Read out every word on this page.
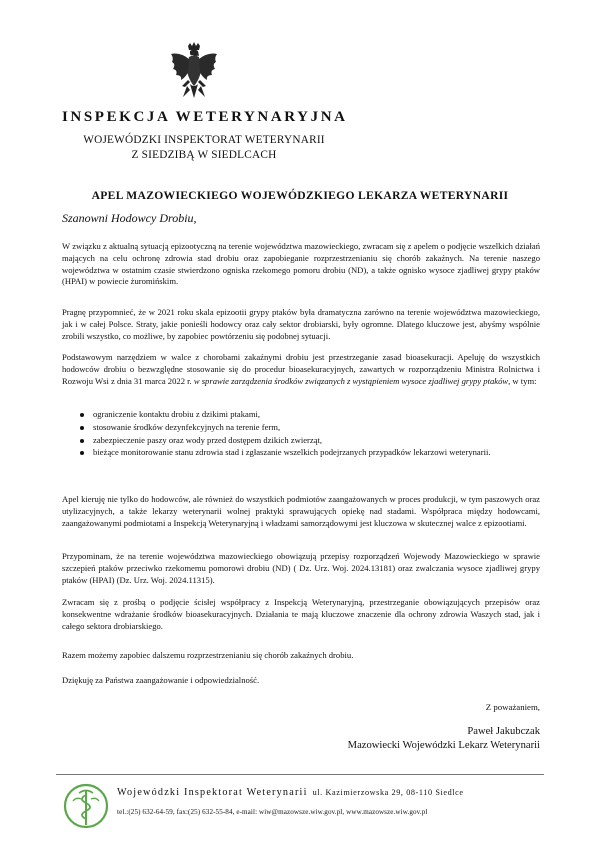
INSPEKCJA WETERYNARYJNA
WOJEWÓDZKI INSPEKTORAT WETERYNARII
Z SIEDZIBĄ W SIEDLCACH
APEL MAZOWIECKIEGO WOJEWÓDZKIEGO LEKARZA WETERYNARII
Szanowni Hodowcy Drobiu,

W związku z aktualną sytuacją epizootyczną na terenie województwa mazowieckiego, zwracam się z apelem o podjęcie wszelkich działań mających na celu ochronę zdrowia stad drobiu oraz zapobieganie rozprzestrzenianiu się chorób zakaźnych. Na terenie naszego województwa w ostatnim czasie stwierdzono ogniska rzekomego pomoru drobiu (ND), a także ognisko wysoce zjadliwej grypy ptaków (HPAI) w powiecie żuromińskim.

Pragnę przypomnieć, że w 2021 roku skala epizootii grypy ptaków była dramatyczna zarówno na terenie województwa mazowieckiego, jak i w całej Polsce. Straty, jakie ponieśli hodowcy oraz cały sektor drobiarski, były ogromne. Dlatego kluczowe jest, abyśmy wspólnie zrobili wszystko, co możliwe, by zapobiec powtórzeniu się podobnej sytuacji.

Podstawowym narzędziem w walce z chorobami zakaźnymi drobiu jest przestrzeganie zasad bioasekuracji. Apeluję do wszystkich hodowców drobiu o bezwzględne stosowanie się do procedur bioasekuracyjnych, zawartych w rozporządzeniu Ministra Rolnictwa i Rozwoju Wsi z dnia 31 marca 2022 r. w sprawie zarządzenia środków związanych z wystąpieniem wysoce zjadliwej grypy ptaków, w tym:

ograniczenie kontaktu drobiu z dzikimi ptakami,
stosowanie środków dezynfekcyjnych na terenie ferm,
zabezpieczenie paszy oraz wody przed dostępem dzikich zwierząt,
bieżące monitorowanie stanu zdrowia stad i zgłaszanie wszelkich podejrzanych przypadków lekarzowi weterynarii.

Apel kieruję nie tylko do hodowców, ale również do wszystkich podmiotów zaangażowanych w proces produkcji, w tym paszowych oraz utylizacyjnych, a także lekarzy weterynarii wolnej praktyki sprawujących opiekę nad stadami. Współpraca między hodowcami, zaangażowanymi podmiotami a Inspekcją Weterynaryjną i władzami samorządowymi jest kluczowa w skutecznej walce z epizootiami.

Przypominam, że na terenie województwa mazowieckiego obowiązują przepisy rozporządzeń Wojewody Mazowieckiego w sprawie szczepień ptaków przeciwko rzekomemu pomorowi drobiu (ND) ( Dz. Urz. Woj. 2024.13181) oraz zwalczania wysoce zjadliwej grypy ptaków (HPAI) (Dz. Urz. Woj. 2024.11315).

Zwracam się z prośbą o podjęcie ścisłej współpracy z Inspekcją Weterynaryjną, przestrzeganie obowiązujących przepisów oraz konsekwentne wdrażanie środków bioasekuracyjnych. Działania te mają kluczowe znaczenie dla ochrony zdrowia Waszych stad, jak i całego sektora drobiarskiego.

Razem możemy zapobiec dalszemu rozprzestrzenianiu się chorób zakaźnych drobiu.

Dziękuję za Państwa zaangażowanie i odpowiedzialność.

Z poważaniem,
Paweł Jakubczak
Mazowiecki Wojewódzki Lekarz Weterynarii
Wojewódzki Inspektorat Weterynarii ul. Kazimierzowska 29, 08-110 Siedlce
tel.:(25) 632-64-59, fax:(25) 632-55-84, e-mail: wiw@mazowsze.wiw.gov.pl, www.mazowsze.wiw.gov.pl
